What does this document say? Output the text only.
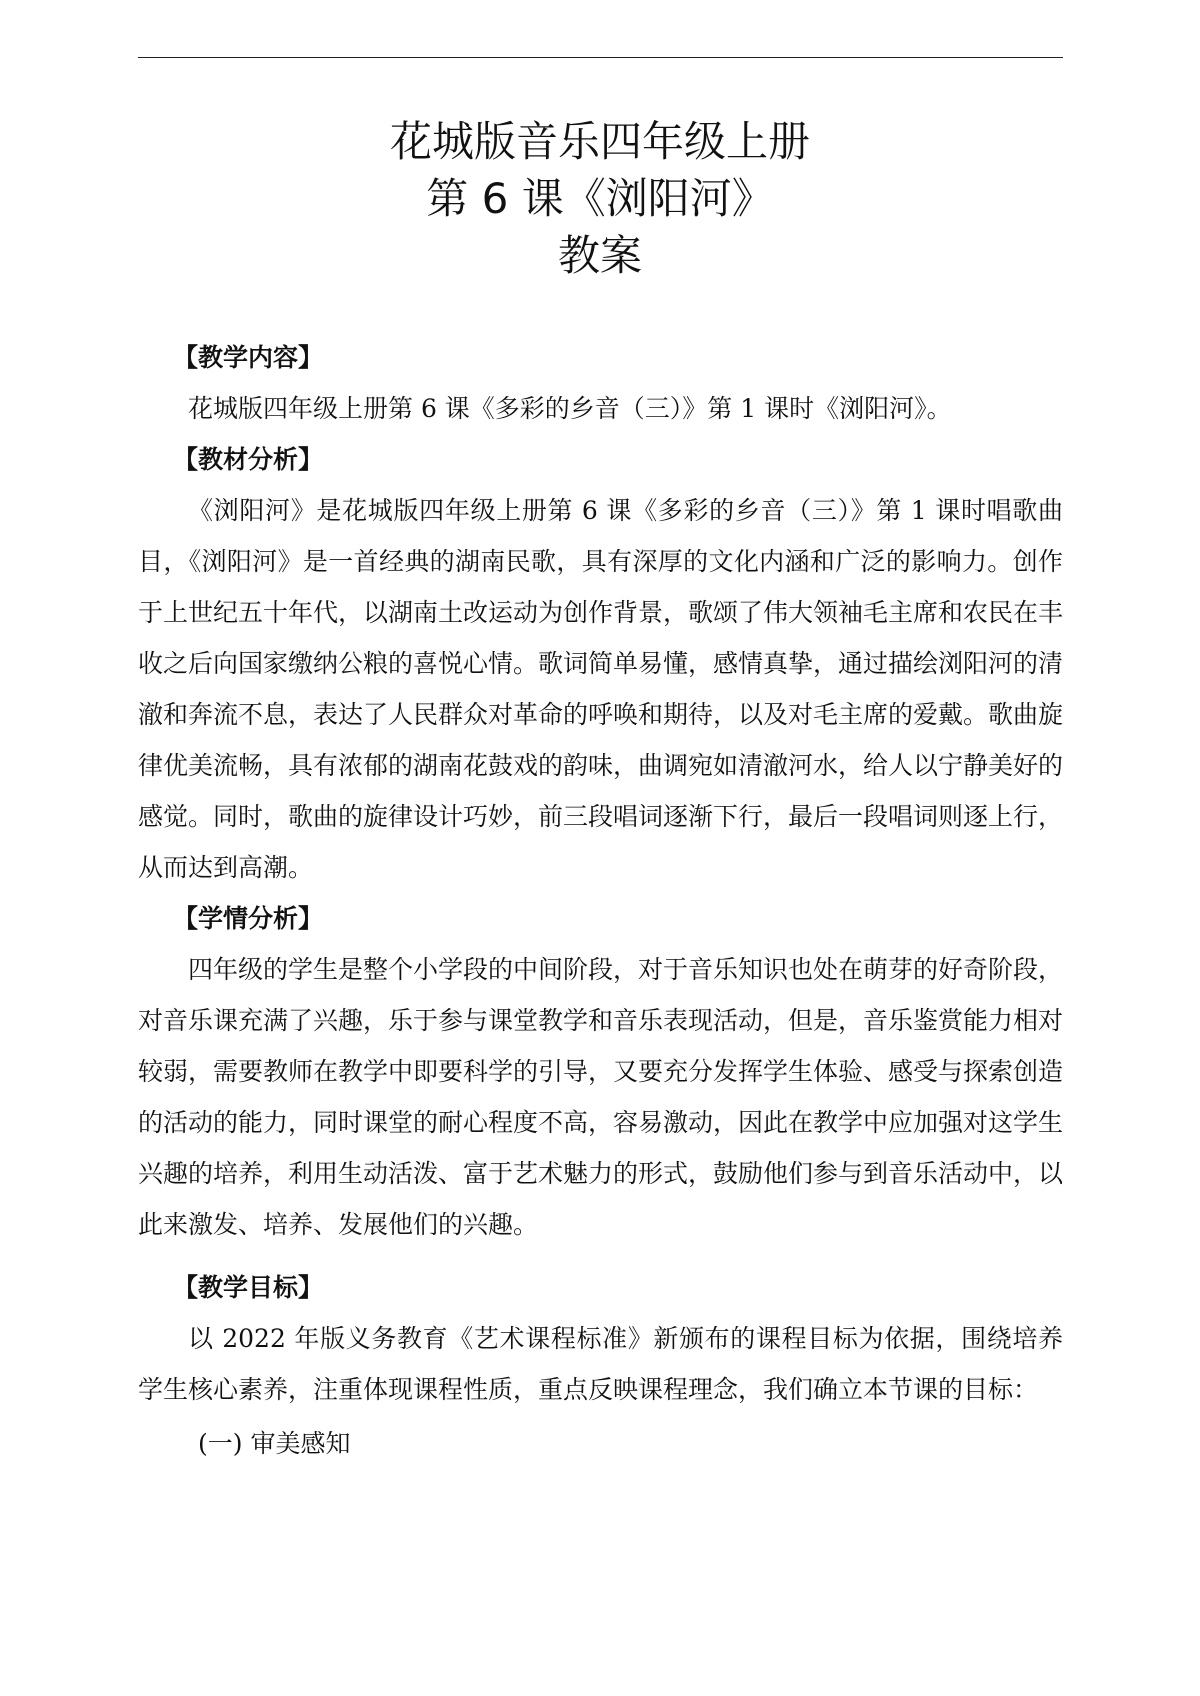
花城版音乐四年级上册
第 6 课《浏阳河》
教案

【教学内容】

花城版四年级上册第 6 课《多彩的乡音（三）》第 1 课时《浏阳河》。

【教材分析】

《浏阳河》是花城版四年级上册第 6 课《多彩的乡音（三）》第 1 课时唱歌曲目，《浏阳河》是一首经典的湖南民歌，具有深厚的文化内涵和广泛的影响力。创作于上世纪五十年代，以湖南土改运动为创作背景，歌颂了伟大领袖毛主席和农民在丰收之后向国家缴纳公粮的喜悦心情。歌词简单易懂，感情真挚，通过描绘浏阳河的清澈和奔流不息，表达了人民群众对革命的呼唤和期待，以及对毛主席的爱戴。歌曲旋律优美流畅，具有浓郁的湖南花鼓戏的韵味，曲调宛如清澈河水，给人以宁静美好的感觉。同时，歌曲的旋律设计巧妙，前三段唱词逐渐下行，最后一段唱词则逐上行，从而达到高潮。

【学情分析】

四年级的学生是整个小学段的中间阶段，对于音乐知识也处在萌芽的好奇阶段，对音乐课充满了兴趣，乐于参与课堂教学和音乐表现活动，但是，音乐鉴赏能力相对较弱，需要教师在教学中即要科学的引导，又要充分发挥学生体验、感受与探索创造的活动的能力，同时课堂的耐心程度不高，容易激动，因此在教学中应加强对这学生兴趣的培养，利用生动活泼、富于艺术魅力的形式，鼓励他们参与到音乐活动中，以此来激发、培养、发展他们的兴趣。

【教学目标】

以 2022 年版义务教育《艺术课程标准》新颁布的课程目标为依据，围绕培养学生核心素养，注重体现课程性质，重点反映课程理念，我们确立本节课的目标：

(一) 审美感知
